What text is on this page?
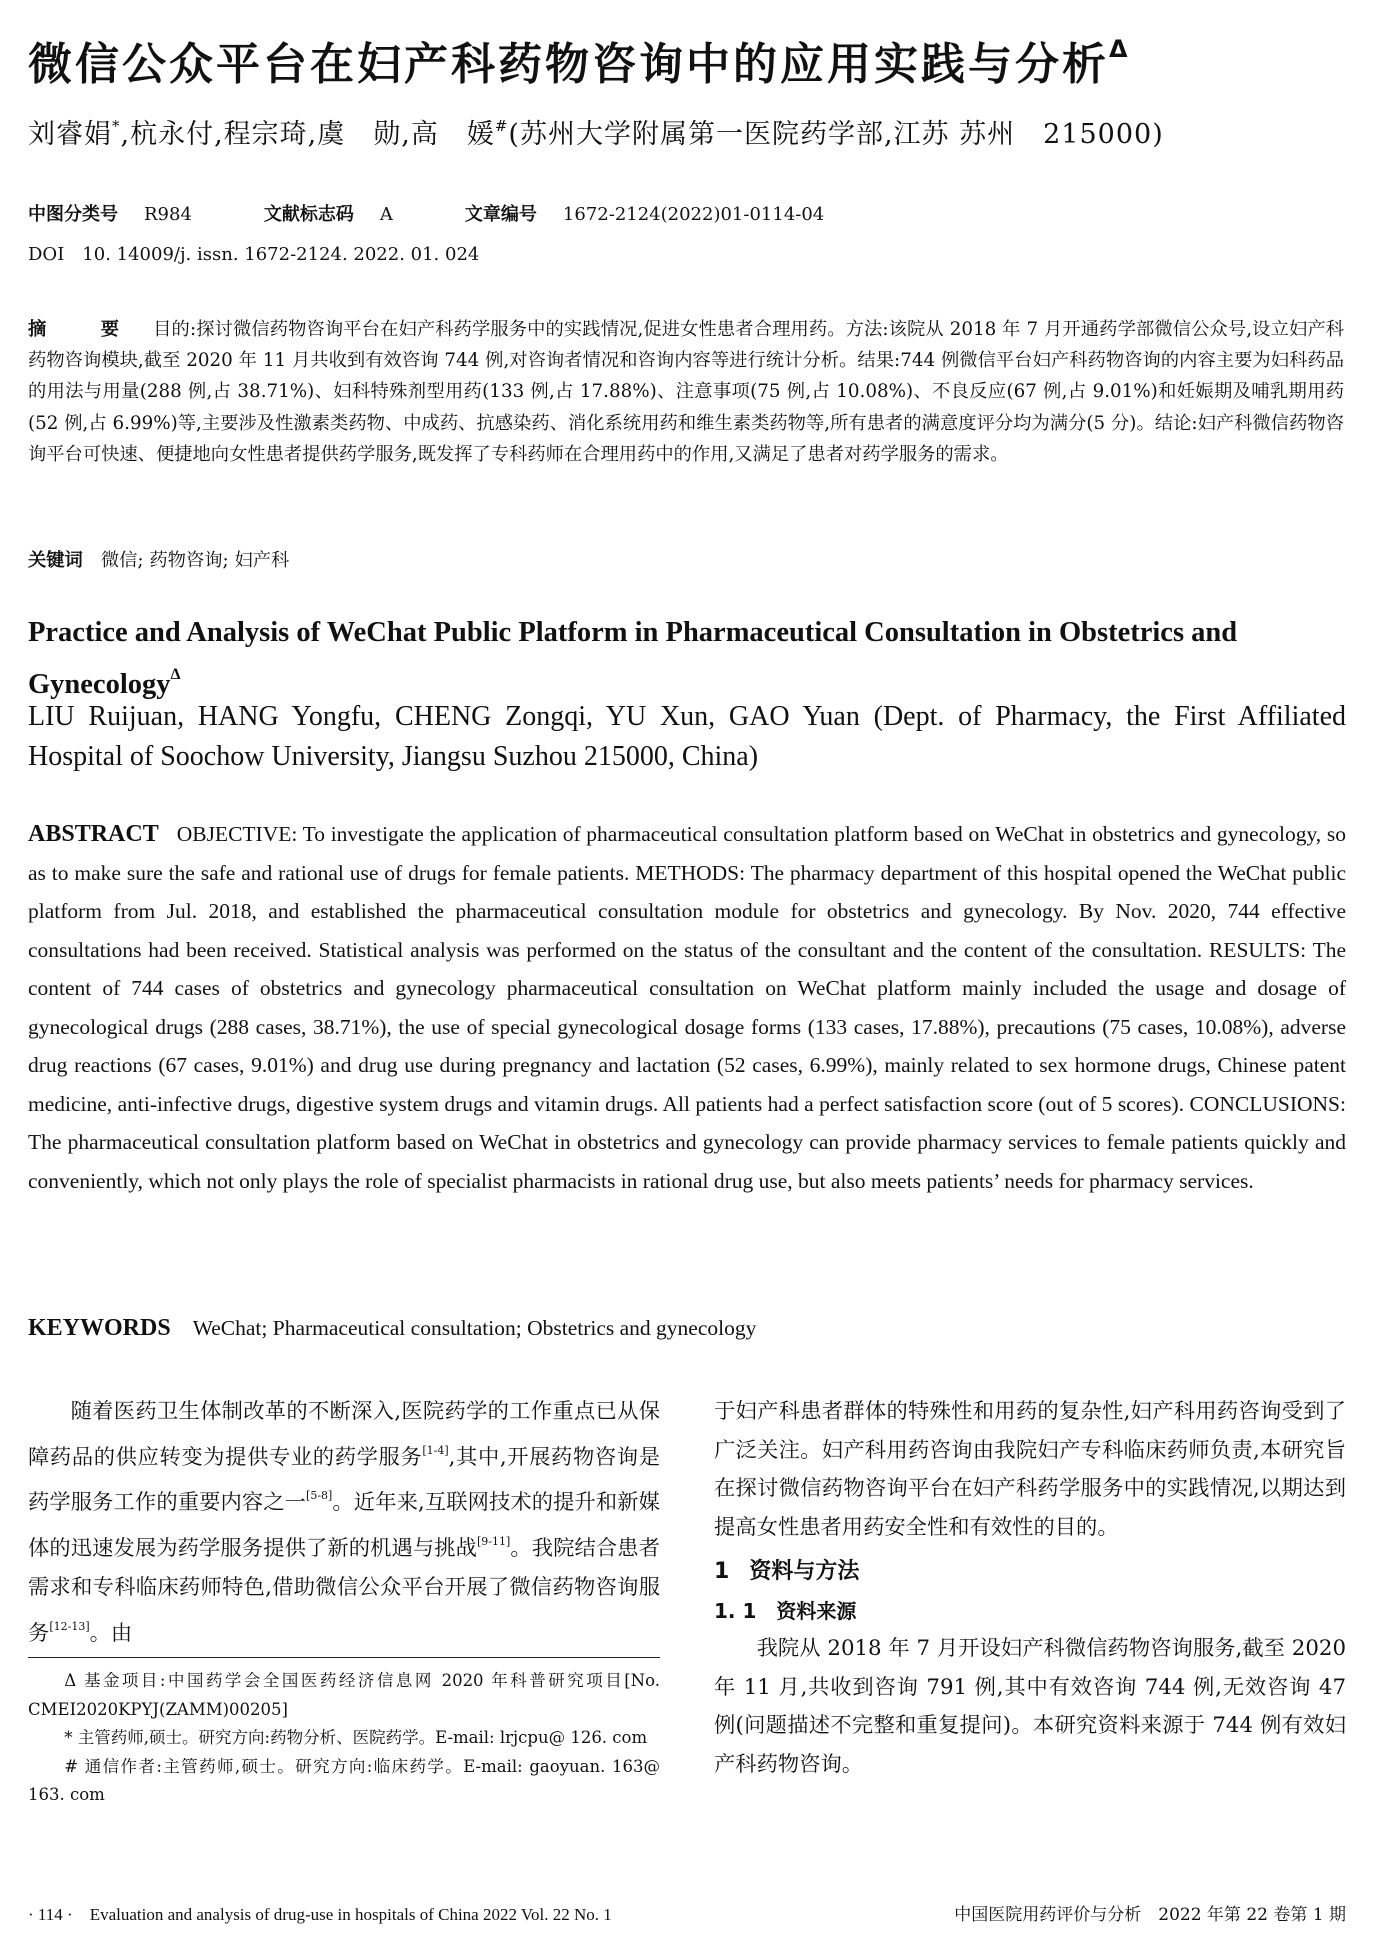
微信公众平台在妇产科药物咨询中的应用实践与分析$^\Delta$
刘睿娟*,杭永付,程宗琦,虞　勋,高　媛#(苏州大学附属第一医院药学部,江苏 苏州　215000)
中图分类号 R984	文献标志码 A	文章编号 1672-2124(2022)01-0114-04
DOI　10. 14009/j. issn. 1672-2124. 2022. 01. 024
摘　要 目的:探讨微信药物咨询平台在妇产科药学服务中的实践情况,促进女性患者合理用药。方法:该院从 2018 年 7 月开通药学部微信公众号,设立妇产科药物咨询模块,截至 2020 年 11 月共收到有效咨询 744 例,对咨询者情况和咨询内容等进行统计分析。结果:744 例微信平台妇产科药物咨询的内容主要为妇科药品的用法与用量(288 例,占 38.71%)、妇科特殊剂型用药(133 例,占 17.88%)、注意事项(75 例,占 10.08%)、不良反应(67 例,占 9.01%)和妊娠期及哺乳期用药(52 例,占 6.99%)等,主要涉及性激素类药物、中成药、抗感染药、消化系统用药和维生素类药物等,所有患者的满意度评分均为满分(5 分)。结论:妇产科微信药物咨询平台可快速、便捷地向女性患者提供药学服务,既发挥了专科药师在合理用药中的作用,又满足了患者对药学服务的需求。
关键词 微信; 药物咨询; 妇产科
Practice and Analysis of WeChat Public Platform in Pharmaceutical Consultation in Obstetrics and Gynecology$^\Delta$
LIU Ruijuan, HANG Yongfu, CHENG Zongqi, YU Xun, GAO Yuan (Dept. of Pharmacy, the First Affiliated Hospital of Soochow University, Jiangsu Suzhou 215000, China)
ABSTRACT OBJECTIVE: To investigate the application of pharmaceutical consultation platform based on WeChat in obstetrics and gynecology, so as to make sure the safe and rational use of drugs for female patients. METHODS: The pharmacy department of this hospital opened the WeChat public platform from Jul. 2018, and established the pharmaceutical consultation module for obstetrics and gynecology. By Nov. 2020, 744 effective consultations had been received. Statistical analysis was performed on the status of the consultant and the content of the consultation. RESULTS: The content of 744 cases of obstetrics and gynecology pharmaceutical consultation on WeChat platform mainly included the usage and dosage of gynecological drugs (288 cases, 38.71%), the use of special gynecological dosage forms (133 cases, 17.88%), precautions (75 cases, 10.08%), adverse drug reactions (67 cases, 9.01%) and drug use during pregnancy and lactation (52 cases, 6.99%), mainly related to sex hormone drugs, Chinese patent medicine, anti-infective drugs, digestive system drugs and vitamin drugs. All patients had a perfect satisfaction score (out of 5 scores). CONCLUSIONS: The pharmaceutical consultation platform based on WeChat in obstetrics and gynecology can provide pharmacy services to female patients quickly and conveniently, which not only plays the role of specialist pharmacists in rational drug use, but also meets patients’ needs for pharmacy services.
KEYWORDS WeChat; Pharmaceutical consultation; Obstetrics and gynecology

随着医药卫生体制改革的不断深入,医院药学的工作重点已从保障药品的供应转变为提供专业的药学服务[1-4],其中,开展药物咨询是药学服务工作的重要内容之一[5-8]。近年来,互联网技术的提升和新媒体的迅速发展为药学服务提供了新的机遇与挑战[9-11]。我院结合患者需求和专科临床药师特色,借助微信公众平台开展了微信药物咨询服务[12-13]。由

Δ 基金项目:中国药学会全国医药经济信息网 2020 年科普研究项目[No. CMEI2020KPYJ(ZAMM)00205]

* 主管药师,硕士。研究方向:药物分析、医院药学。E-mail: lrjcpu@ 126. com

# 通信作者:主管药师,硕士。研究方向:临床药学。E-mail: gaoyuan. 163@ 163. com

于妇产科患者群体的特殊性和用药的复杂性,妇产科用药咨询受到了广泛关注。妇产科用药咨询由我院妇产专科临床药师负责,本研究旨在探讨微信药物咨询平台在妇产科药学服务中的实践情况,以期达到提高女性患者用药安全性和有效性的目的。

1 资料与方法
1. 1 资料来源

我院从 2018 年 7 月开设妇产科微信药物咨询服务,截至 2020 年 11 月,共收到咨询 791 例,其中有效咨询 744 例,无效咨询 47 例(问题描述不完整和重复提问)。本研究资料来源于 744 例有效妇产科药物咨询。

· 114 ·　Evaluation and analysis of drug-use in hospitals of China 2022 Vol. 22 No. 1	中国医院用药评价与分析　2022 年第 22 卷第 1 期
